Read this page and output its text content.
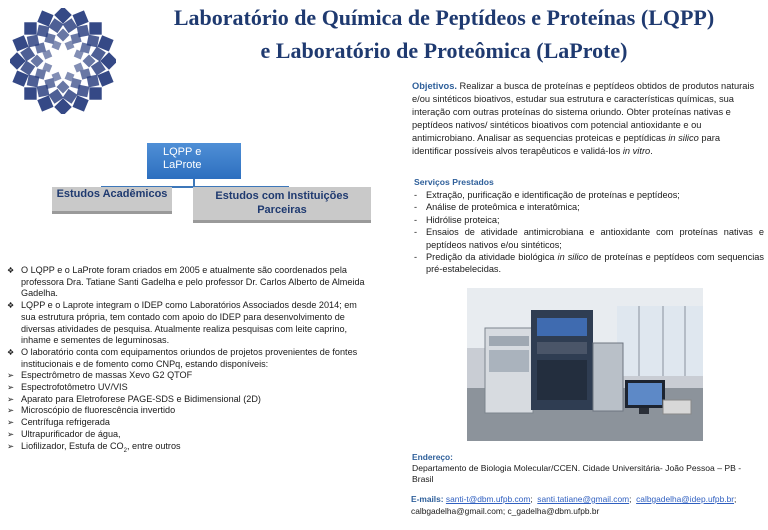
Laboratório de Química de Peptídeos e Proteínas (LQPP)
e Laboratório de Proteômica (LaProte)
Objetivos. Realizar a busca de proteínas e peptídeos obtidos de produtos naturais e/ou sintéticos bioativos, estudar sua estrutura e características químicas, sua interação com outras proteínas do sistema oriundo. Obter proteínas nativas e peptídeos nativos/ sintéticos bioativos com potencial antioxidante e ou antimicrobiano. Analisar as sequencias proteicas e peptídicas in silico para identificar possíveis alvos terapêuticos e validá-los in vitro.
Serviços Prestados
- Extração, purificação e identificação de proteínas e peptídeos;
- Análise de proteômica e interatômica;
- Hidrólise proteica;
- Ensaios de atividade antimicrobiana e antioxidante com proteínas nativas e peptídeos nativos e/ou sintéticos;
- Predição da atividade biológica in silico de proteínas e peptídeos com sequencias pré-estabelecidas.
LQPP e LaProte
Estudos Acadêmicos	Estudos com Instituições Parceiras
❖ O LQPP e o LaProte foram criados em 2005 e atualmente são coordenados pela professora Dra. Tatiane Santi Gadelha e pelo professor Dr. Carlos Alberto de Almeida Gadelha.
❖ LQPP e o Laprote integram o IDEP como Laboratórios Associados desde 2014; em sua estrutura própria, tem contado com apoio do IDEP para desenvolvimento de diversas atividades de pesquisa. Atualmente realiza pesquisas com leite caprino, inhame e sementes de leguminosas.
❖ O laboratório conta com equipamentos oriundos de projetos provenientes de fontes institucionais e de fomento como CNPq, estando disponíveis:
➢ Espectrômetro de massas Xevo G2 QTOF
➢ Espectrofotômetro UV/VIS
➢ Aparato para Eletroforese PAGE-SDS e Bidimensional (2D)
➢ Microscópio de fluorescência invertido
➢ Centrífuga refrigerada
➢ Ultrapurificador de água,
➢ Liofilizador, Estufa de $CO_2$, entre outros
Endereço:
Departamento de Biologia Molecular/CCEN. Cidade Universitária- João Pessoa – PB - Brasil
E-mails: santi-t@dbm.ufpb.com;  santi.tatiane@gmail.com;  calbgadelha@idep.ufpb.br;
calbgadelha@gmail.com; c_gadelha@dbm.ufpb.br
